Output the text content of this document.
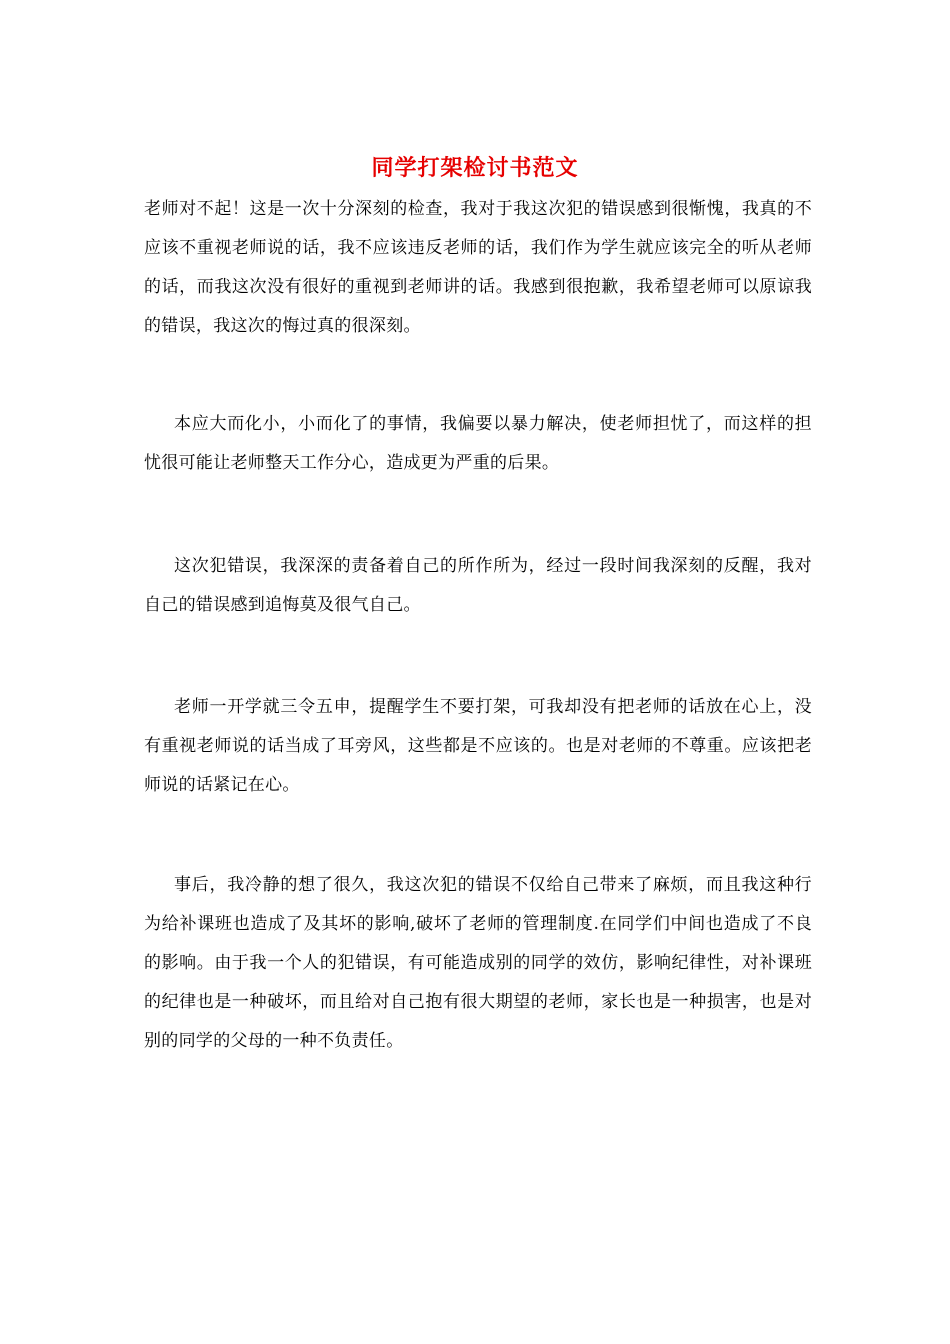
同学打架检讨书范文
老师对不起！这是一次十分深刻的检查，我对于我这次犯的错误感到很惭愧，我真的不应该不重视老师说的话，我不应该违反老师的话，我们作为学生就应该完全的听从老师的话，而我这次没有很好的重视到老师讲的话。我感到很抱歉，我希望老师可以原谅我的错误，我这次的悔过真的很深刻。
本应大而化小，小而化了的事情，我偏要以暴力解决，使老师担忧了，而这样的担忧很可能让老师整天工作分心，造成更为严重的后果。
这次犯错误，我深深的责备着自己的所作所为，经过一段时间我深刻的反醒，我对自己的错误感到追悔莫及很气自己。
老师一开学就三令五申，提醒学生不要打架，可我却没有把老师的话放在心上，没有重视老师说的话当成了耳旁风，这些都是不应该的。也是对老师的不尊重。应该把老师说的话紧记在心。
事后，我冷静的想了很久，我这次犯的错误不仅给自己带来了麻烦，而且我这种行为给补课班也造成了及其坏的影响,破坏了老师的管理制度.在同学们中间也造成了不良的影响。由于我一个人的犯错误，有可能造成别的同学的效仿，影响纪律性，对补课班的纪律也是一种破坏，而且给对自己抱有很大期望的老师，家长也是一种损害，也是对别的同学的父母的一种不负责任。
